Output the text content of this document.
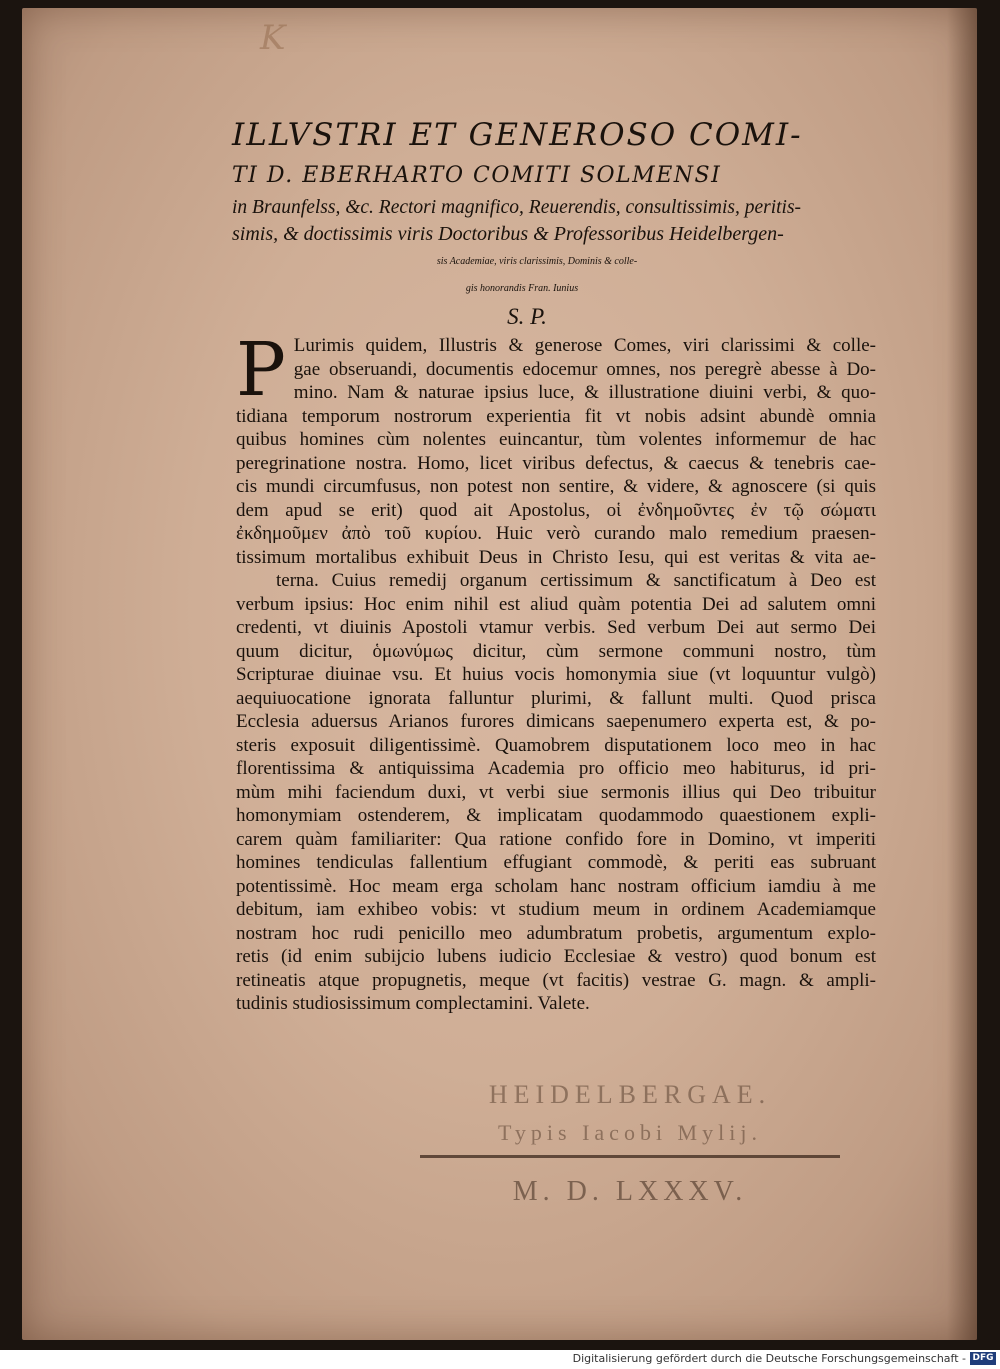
K
ILLVSTRI ET GENEROSO COMI-
TI D. EBERHARTO COMITI SOLMENSI
in Braunfelss, &c. Rectori magnifico, Reuerendis, consultissimis, peritis-
simis, & doctissimis viris Doctoribus & Professoribus Heidelbergen-
sis Academiae, viris clarissimis, Dominis & colle-
gis honorandis Fran. Iunius
S. P.
P Lurimis quidem, Illustris & generose Comes, viri clarissimi & colle-
gae obseruandi, documentis edocemur omnes, nos peregrè abesse à Do-
mino. Nam & naturae ipsius luce, & illustratione diuini verbi, & quo-
tidiana temporum nostrorum experientia fit vt nobis adsint abundè omnia
quibus homines cùm nolentes euincantur, tùm volentes informemur de hac
peregrinatione nostra. Homo, licet viribus defectus, & caecus & tenebris cae-
cis mundi circumfusus, non potest non sentire, & videre, & agnoscere (si quis
dem apud se erit) quod ait Apostolus, οἱ ἐνδημοῦντες ἐν τῷ σώματι
ἐκδημοῦμεν ἀπὸ τοῦ κυρίου. Huic verò curando malo remedium praesen-
tissimum mortalibus exhibuit Deus in Christo Iesu, qui est veritas & vita ae-
terna. Cuius remedij organum certissimum & sanctificatum à Deo est
verbum ipsius: Hoc enim nihil est aliud quàm potentia Dei ad salutem omni
credenti, vt diuinis Apostoli vtamur verbis. Sed verbum Dei aut sermo Dei
quum dicitur, ὁμωνύμως dicitur, cùm sermone communi nostro, tùm
Scripturae diuinae vsu. Et huius vocis homonymia siue (vt loquuntur vulgò)
aequiuocatione ignorata falluntur plurimi, & fallunt multi. Quod prisca
Ecclesia aduersus Arianos furores dimicans saepenumero experta est, & po-
steris exposuit diligentissimè. Quamobrem disputationem loco meo in hac
florentissima & antiquissima Academia pro officio meo habiturus, id pri-
mùm mihi faciendum duxi, vt verbi siue sermonis illius qui Deo tribuitur
homonymiam ostenderem, & implicatam quodammodo quaestionem expli-
carem quàm familiariter: Qua ratione confido fore in Domino, vt imperiti
homines tendiculas fallentium effugiant commodè, & periti eas subruant
potentissimè. Hoc meam erga scholam hanc nostram officium iamdiu à me
debitum, iam exhibeo vobis: vt studium meum in ordinem Academiamque
nostram hoc rudi penicillo meo adumbratum probetis, argumentum explo-
retis (id enim subijcio lubens iudicio Ecclesiae & vestro) quod bonum est
retineatis atque propugnetis, meque (vt facitis) vestrae G. magn. & ampli-
tudinis studiosissimum complectamini. Valete.
HEIDELBERGAE.
Typis Iacobi Mylij.
M. D. LXXXV.
Digitalisierung gefördert durch die Deutsche Forschungsgemeinschaft - DFG
